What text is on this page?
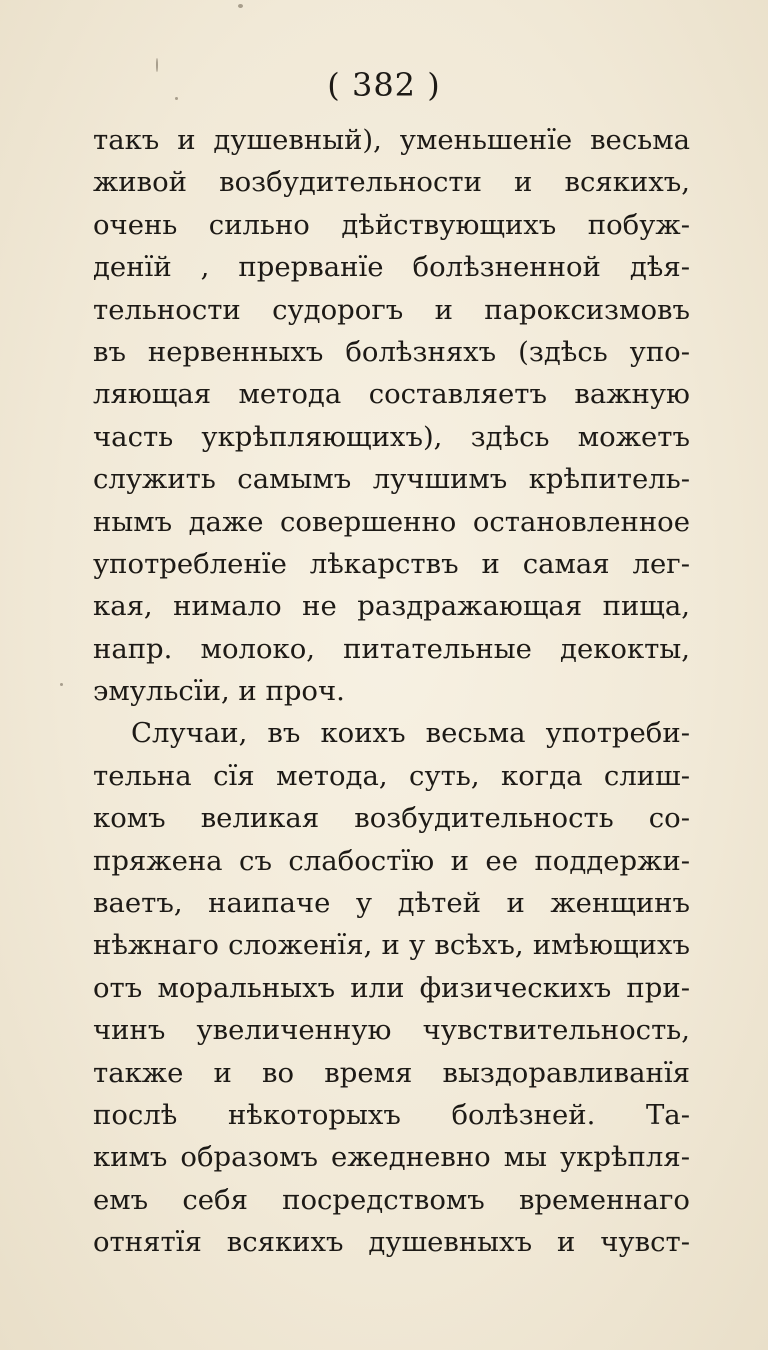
( 382 )
такъ и душевный), уменьшенїе весьма
живой возбудительности и всякихъ,
очень сильно дѣйствующихъ побуж-
денїй , прерванїе болѣзненной дѣя-
тельности судорогъ и пароксизмовъ
въ нервенныхъ болѣзняхъ (здѣсь упо-
ляющая метода составляетъ важную
часть укрѣпляющихъ), здѣсь можетъ
служить самымъ лучшимъ крѣпитель-
нымъ даже совершенно остановленное
употребленїе лѣкарствъ и самая лег-
кая, нимало не раздражающая пища,
напр. молоко, питательные декокты,
эмульсїи, и проч.
Случаи, въ коихъ весьма употреби-
тельна сїя метода, суть, когда слиш-
комъ великая возбудительность со-
пряжена съ слабостїю и ее поддержи-
ваетъ, наипаче у дѣтей и женщинъ
нѣжнаго сложенїя, и у всѣхъ, имѣющихъ
отъ моральныхъ или физическихъ при-
чинъ увеличенную чувствительность,
также и во время выздоравливанїя
послѣ нѣкоторыхъ болѣзней. Та-
кимъ образомъ ежедневно мы укрѣпля-
емъ себя посредствомъ временнаго
отнятїя всякихъ душевныхъ и чувст-
